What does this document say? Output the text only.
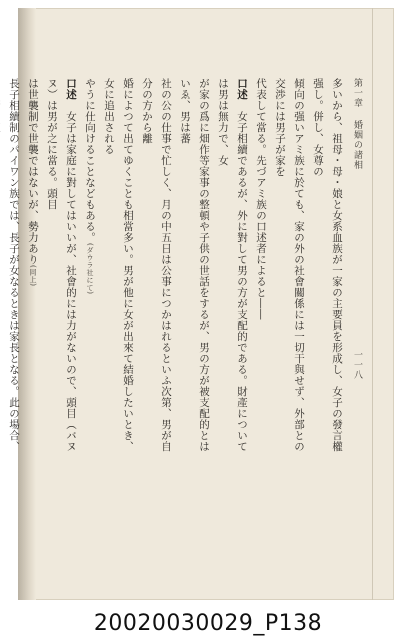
第一章 婚姻の諸相
一一八
多いから、祖母・母・娘と女系血族が一家の主要員を形成し、女子の發言權强し。併し、女尊の
傾向の强いアミ族に於ても、家の外の社會關係には一切干與せず、外部との交渉には男子が家を
代表して當る。先づアミ族の口述者によると――
口述　女子相續であるが、外に對して男の方が支配的である。財產については男は無力で、女
が家の爲に畑作等家事の整頓や子供の世話をするが、男の方が被支配的とはいゑ、男は蕃
社の公の仕事で忙しく、月の中五日は公事につかはれるといふ次第、男が自分の方から離
婚によつて出てゆくことも相當多い。男が他に女が出來て結婚したいとき、女に追出される
やうに仕向けることなどもある。(ダウラ社にて)
口述　女子は家庭に對してはいいが、社會的には力がないので、頭目（バヌヌ）は男が之に當る。頭目
は世襲制で世襲ではないが、勢力あり(同上)
長子相續制のパイワン族では、長子が女なるときは家長となる。此の場合、
20020030029_P138
